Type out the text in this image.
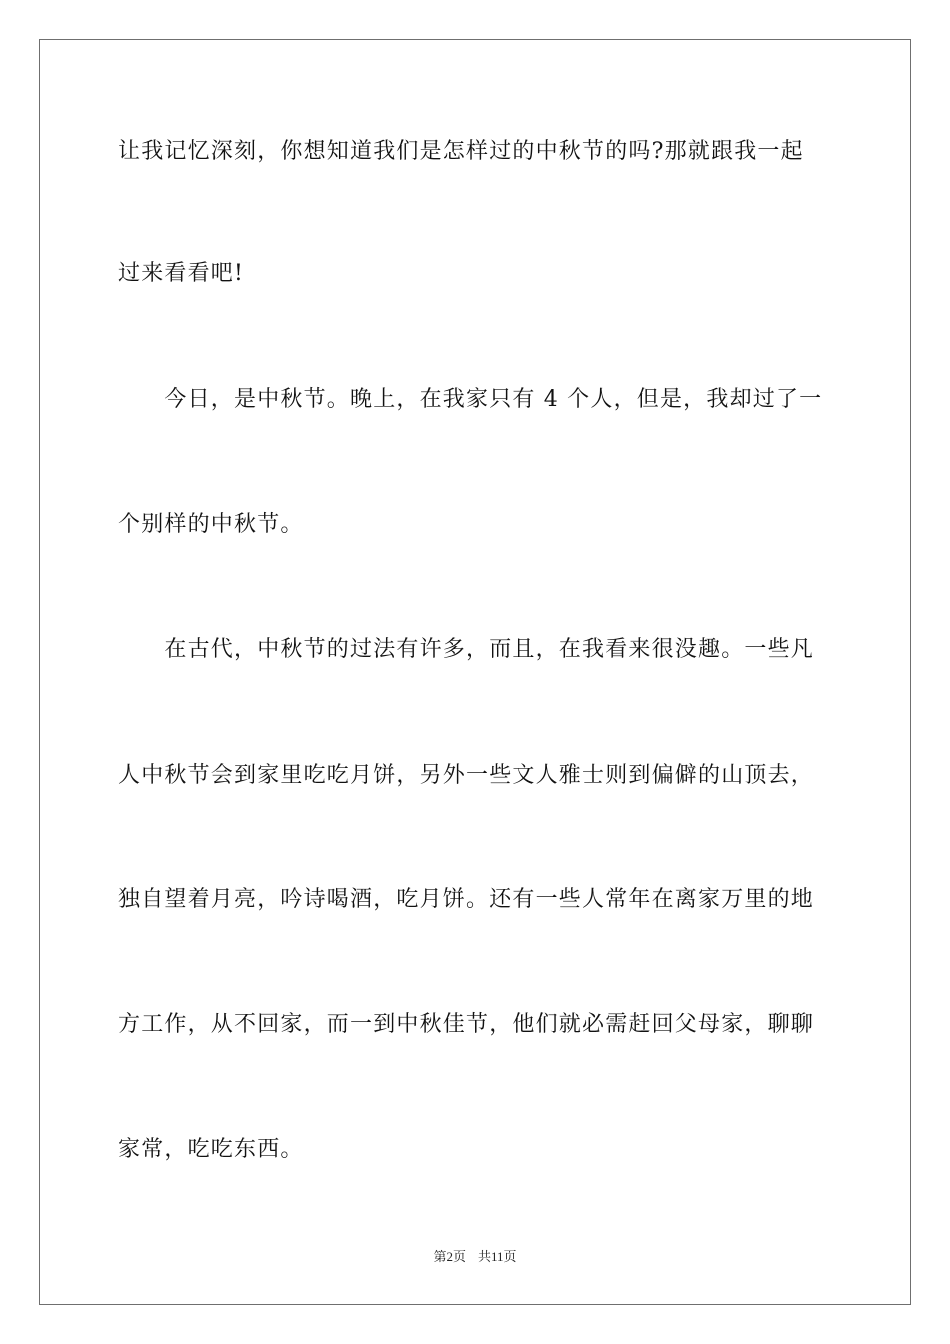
让我记忆深刻，你想知道我们是怎样过的中秋节的吗?那就跟我一起
过来看看吧!
　　今日，是中秋节。晚上，在我家只有 4 个人，但是，我却过了一
个别样的中秋节。
　　在古代，中秋节的过法有许多，而且，在我看来很没趣。一些凡
人中秋节会到家里吃吃月饼，另外一些文人雅士则到偏僻的山顶去，
独自望着月亮，吟诗喝酒，吃月饼。还有一些人常年在离家万里的地
方工作，从不回家，而一到中秋佳节，他们就必需赶回父母家，聊聊
家常，吃吃东西。
第2页 共11页
